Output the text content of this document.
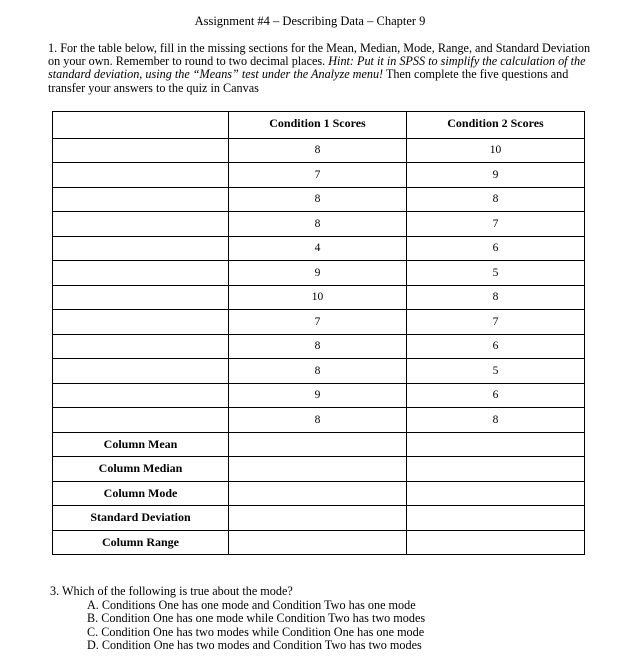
Assignment #4 – Describing Data – Chapter 9
1. For the table below, fill in the missing sections for the Mean, Median, Mode, Range, and Standard Deviation on your own. Remember to round to two decimal places. Hint: Put it in SPSS to simplify the calculation of the standard deviation, using the “Means” test under the Analyze menu! Then complete the five questions and transfer your answers to the quiz in Canvas
	Condition 1 Scores	Condition 2 Scores
	8	10
	7	9
	8	8
	8	7
	4	6
	9	5
	10	8
	7	7
	8	6
	8	5
	9	6
	8	8
Column Mean		
Column Median		
Column Mode		
Standard Deviation		
Column Range		
3. Which of the following is true about the mode?
A. Conditions One has one mode and Condition Two has one mode
B. Condition One has one mode while Condition Two has two modes
C. Condition One has two modes while Condition One has one mode
D. Condition One has two modes and Condition Two has two modes
